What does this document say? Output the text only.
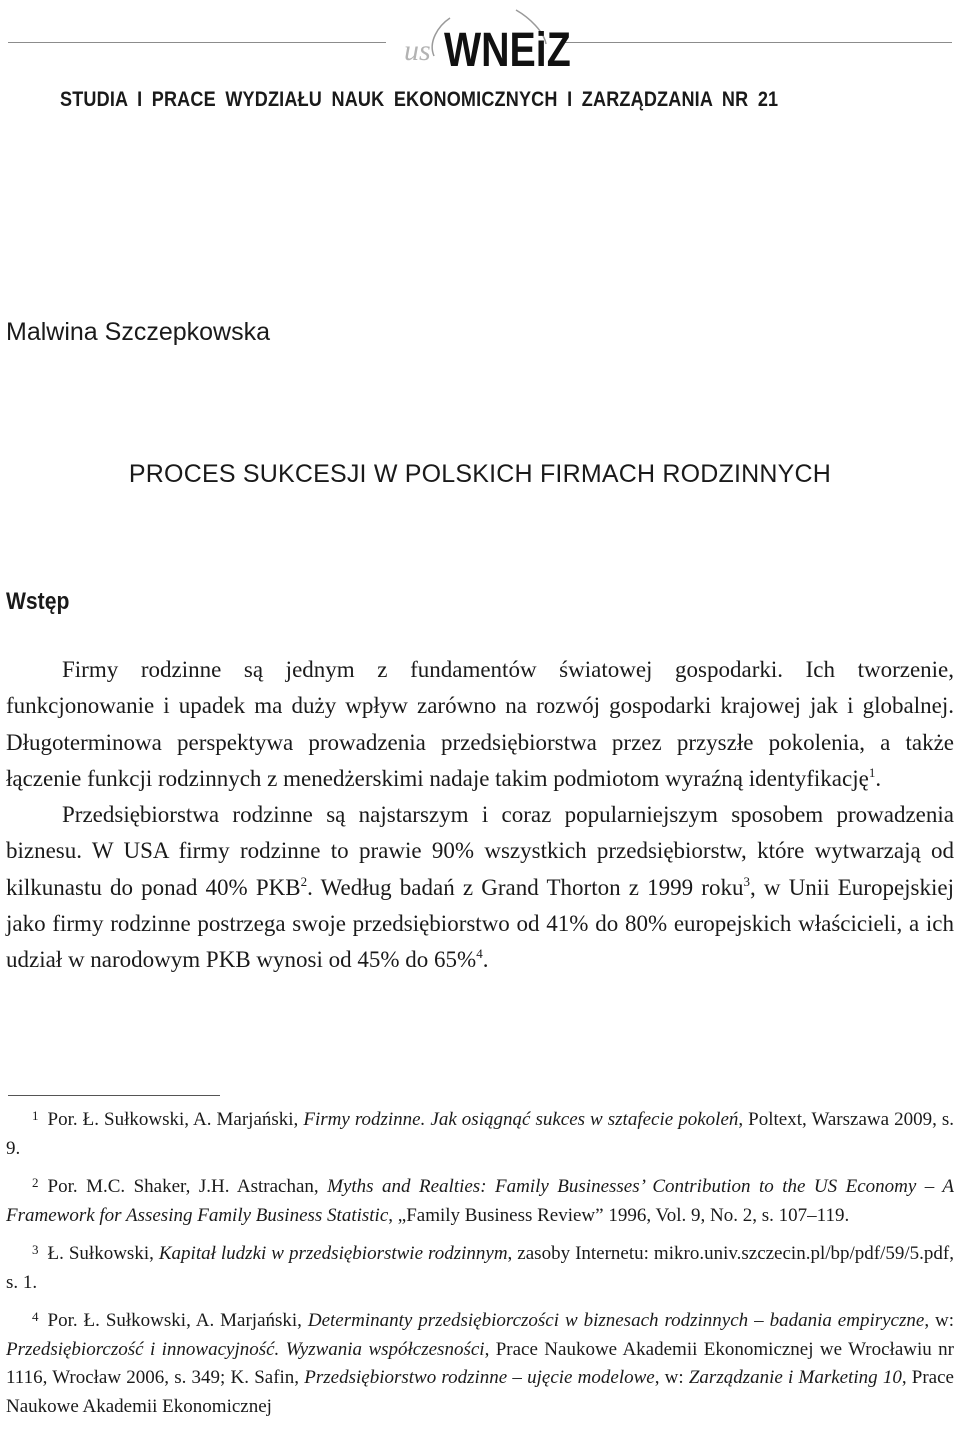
us WNEiZ
STUDIA I PRACE WYDZIAŁU NAUK EKONOMICZNYCH I ZARZĄDZANIA NR 21
Malwina Szczepkowska
PROCES SUKCESJI W POLSKICH FIRMACH RODZINNYCH
Wstęp

Firmy rodzinne są jednym z fundamentów światowej gospodarki. Ich tworzenie, funkcjonowanie i upadek ma duży wpływ zarówno na rozwój gospodarki krajowej jak i globalnej. Długoterminowa perspektywa prowadzenia przedsiębiorstwa przez przyszłe pokolenia, a także łączenie funkcji rodzinnych z menedżerskimi nadaje takim podmiotom wyraźną identyfikację$^1$.

Przedsiębiorstwa rodzinne są najstarszym i coraz popularniejszym sposobem prowadzenia biznesu. W USA firmy rodzinne to prawie 90% wszystkich przedsiębiorstw, które wytwarzają od kilkunastu do ponad 40% PKB$^2$. Według badań z Grand Thorton z 1999 roku$^3$, w Unii Europejskiej jako firmy rodzinne postrzega swoje przedsiębiorstwo od 41% do 80% europejskich właścicieli, a ich udział w narodowym PKB wynosi od 45% do 65%$^4$.

$^1$ Por. Ł. Sułkowski, A. Marjański, Firmy rodzinne. Jak osiągnąć sukces w sztafecie pokoleń, Poltext, Warszawa 2009, s. 9.

$^2$ Por. M.C. Shaker, J.H. Astrachan, Myths and Realties: Family Businesses’ Contribution to the US Economy – A Framework for Assesing Family Business Statistic, „Family Business Review” 1996, Vol. 9, No. 2, s. 107–119.

$^3$ Ł. Sułkowski, Kapitał ludzki w przedsiębiorstwie rodzinnym, zasoby Internetu: mikro.univ.szczecin.pl/bp/pdf/59/5.pdf, s. 1.

$^4$ Por. Ł. Sułkowski, A. Marjański, Determinanty przedsiębiorczości w biznesach rodzinnych – badania empiryczne, w: Przedsiębiorczość i innowacyjność. Wyzwania współczesności, Prace Naukowe Akademii Ekonomicznej we Wrocławiu nr 1116, Wrocław 2006, s. 349; K. Safin, Przedsiębiorstwo rodzinne – ujęcie modelowe, w: Zarządzanie i Marketing 10, Prace Naukowe Akademii Ekonomicznej
